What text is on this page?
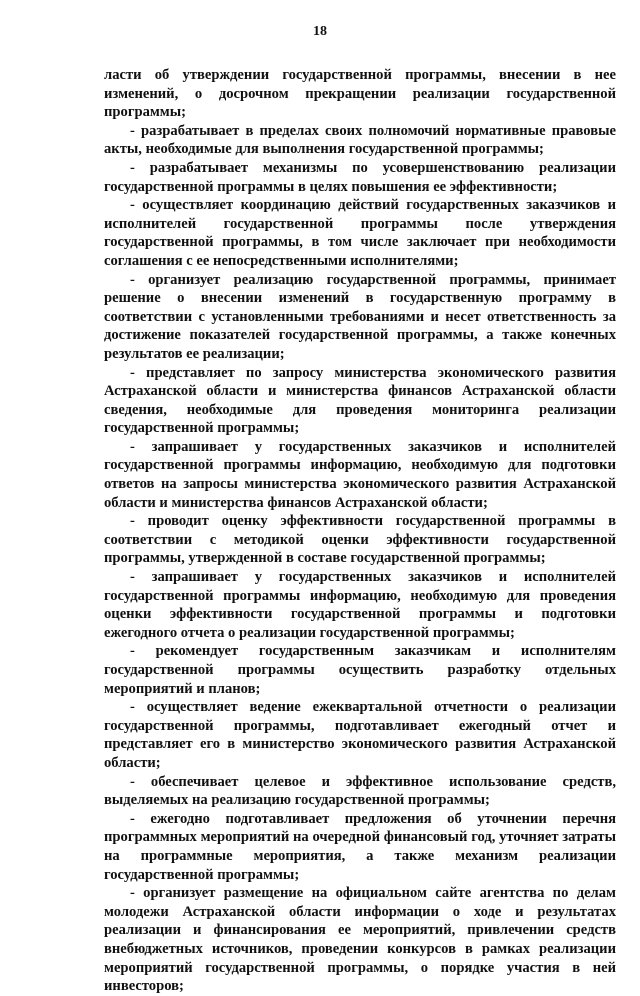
18

ласти об утверждении государственной программы, внесении в нее изменений, о досрочном прекращении реализации государственной программы;

- разрабатывает в пределах своих полномочий нормативные правовые акты, необходимые для выполнения государственной программы;

- разрабатывает механизмы по усовершенствованию реализации государственной программы в целях повышения ее эффективности;

- осуществляет координацию действий государственных заказчиков и исполнителей государственной программы после утверждения государственной программы, в том числе заключает при необходимости соглашения с ее непосредственными исполнителями;

- организует реализацию государственной программы, принимает решение о внесении изменений в государственную программу в соответствии с установленными требованиями и несет ответственность за достижение показателей государственной программы, а также конечных результатов ее реализации;

- представляет по запросу министерства экономического развития Астраханской области и министерства финансов Астраханской области сведения, необходимые для проведения мониторинга реализации государственной программы;

- запрашивает у государственных заказчиков и исполнителей государственной программы информацию, необходимую для подготовки ответов на запросы министерства экономического развития Астраханской области и министерства финансов Астраханской области;

- проводит оценку эффективности государственной программы в соответствии с методикой оценки эффективности государственной программы, утвержденной в составе государственной программы;

- запрашивает у государственных заказчиков и исполнителей государственной программы информацию, необходимую для проведения оценки эффективности государственной программы и подготовки ежегодного отчета о реализации государственной программы;

- рекомендует государственным заказчикам и исполнителям государственной программы осуществить разработку отдельных мероприятий и планов;

- осуществляет ведение ежеквартальной отчетности о реализации государственной программы, подготавливает ежегодный отчет и представляет его в министерство экономического развития Астраханской области;

- обеспечивает целевое и эффективное использование средств, выделяемых на реализацию государственной программы;

- ежегодно подготавливает предложения об уточнении перечня программных мероприятий на очередной финансовый год, уточняет затраты на программные мероприятия, а также механизм реализации государственной программы;

- организует размещение на официальном сайте агентства по делам молодежи Астраханской области информации о ходе и результатах реализации и финансирования ее мероприятий, привлечении средств внебюджетных источников, проведении конкурсов в рамках реализации мероприятий государственной программы, о порядке участия в ней инвесторов;
